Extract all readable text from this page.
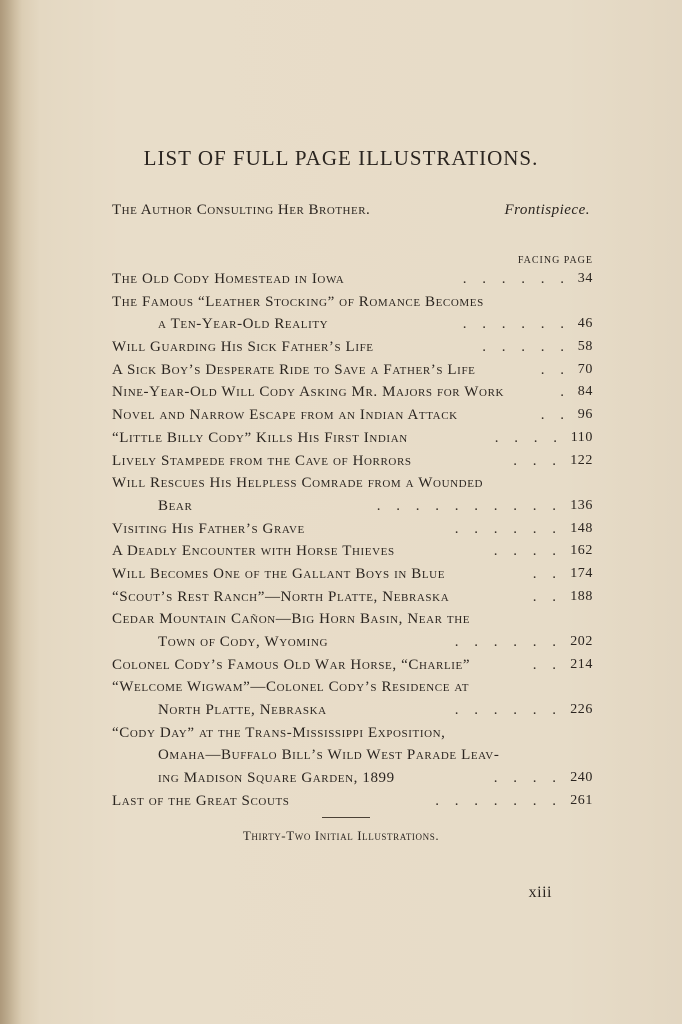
LIST OF FULL PAGE ILLUSTRATIONS.
The Author Consulting Her Brother.	Frontispiece.
FACING PAGE
The Old Cody Homestead in Iowa	34
. . . . . .
The Famous “Leather Stocking” of Romance Becomes
a Ten-Year-Old Reality	46
. . . . . .
Will Guarding His Sick Father’s Life	58
. . . . .
A Sick Boy’s Desperate Ride to Save a Father’s Life	70
. .
Nine-Year-Old Will Cody Asking Mr. Majors for Work	84
.
Novel and Narrow Escape from an Indian Attack	96
. .
“Little Billy Cody” Kills His First Indian	110
. . . .
Lively Stampede from the Cave of Horrors	122
. . .
Will Rescues His Helpless Comrade from a Wounded
Bear	136
. . . . . . . . . .
Visiting His Father’s Grave	148
. . . . . .
A Deadly Encounter with Horse Thieves	162
. . . .
Will Becomes One of the Gallant Boys in Blue	174
. .
“Scout’s Rest Ranch”—North Platte, Nebraska	188
. .
Cedar Mountain Cañon—Big Horn Basin, Near the
Town of Cody, Wyoming	202
. . . . . .
Colonel Cody’s Famous Old War Horse, “Charlie”	214
. .
“Welcome Wigwam”—Colonel Cody’s Residence at
North Platte, Nebraska	226
. . . . . .
“Cody Day” at the Trans-Mississippi Exposition,
Omaha—Buffalo Bill’s Wild West Parade Leav-
ing Madison Square Garden, 1899	240
. . . .
Last of the Great Scouts	261
. . . . . . .
Thirty-Two Initial Illustrations.
xiii
